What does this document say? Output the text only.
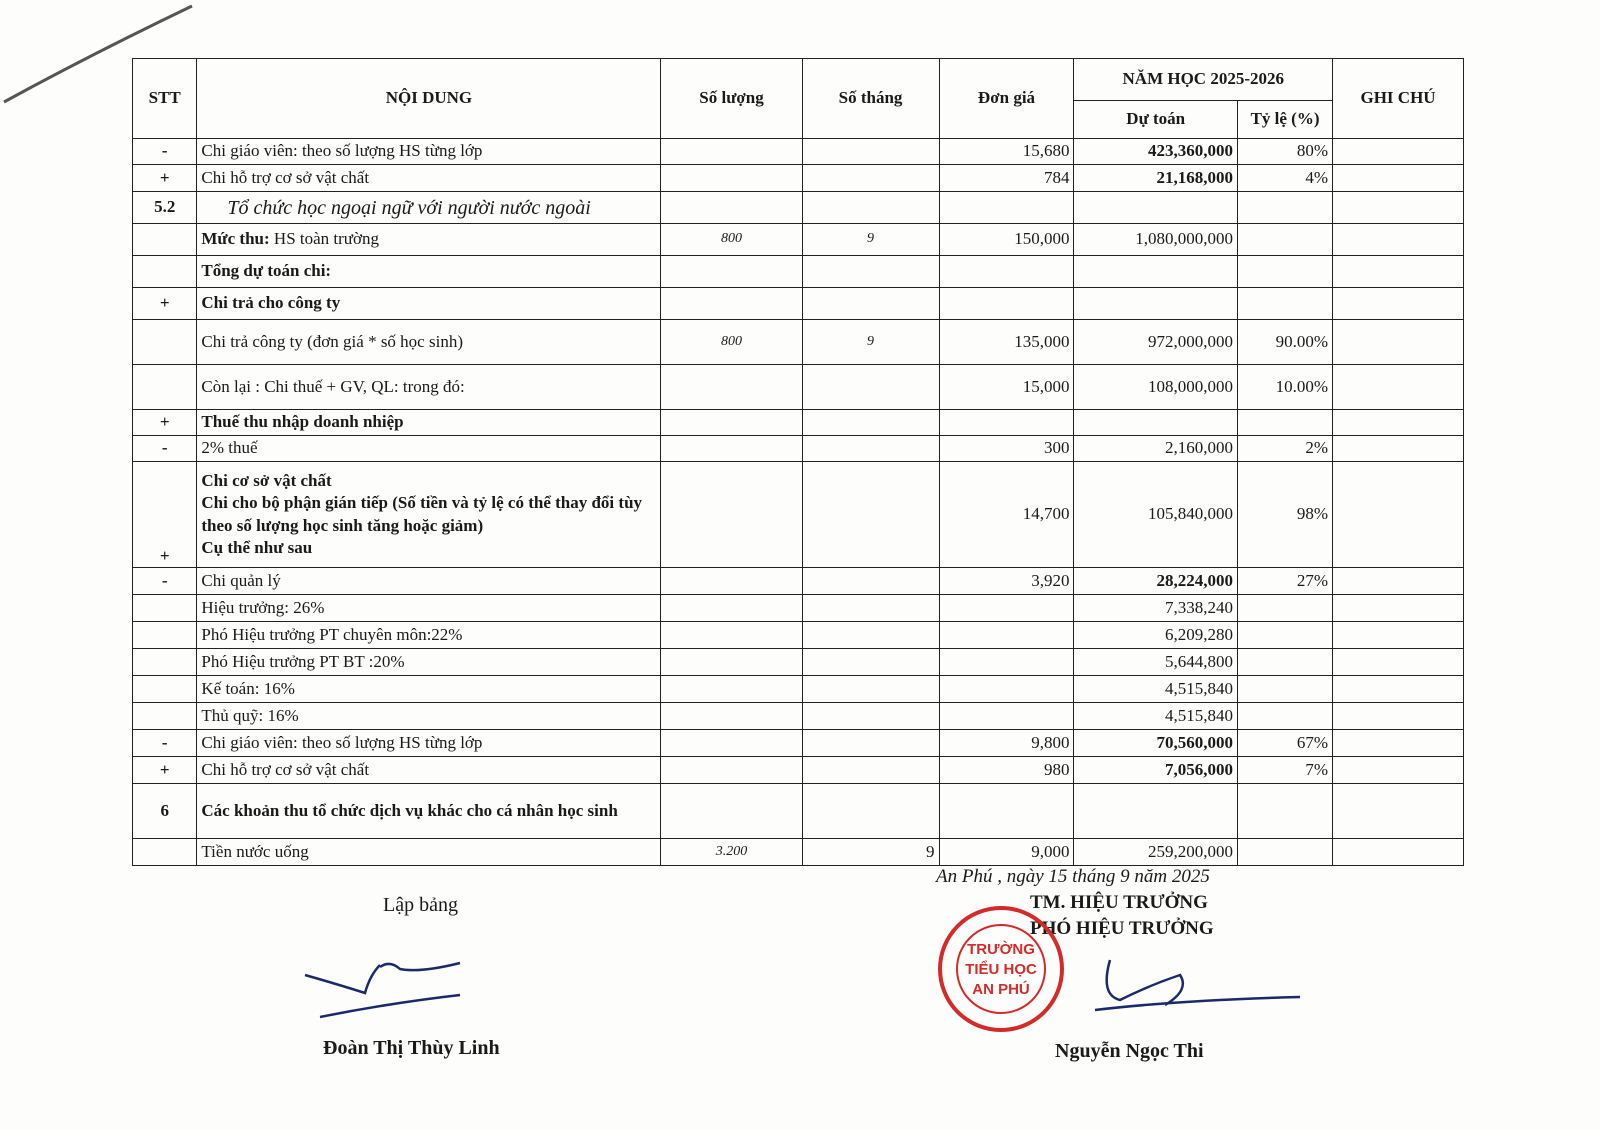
STT	NỘI DUNG	Số lượng	Số tháng	Đơn giá	NĂM HỌC 2025-2026		GHI CHÚ
					Dự toán	Tỷ lệ (%)	
-	Chi giáo viên: theo số lượng HS từng lớp			15,680	423,360,000	80%	
+	Chi hỗ trợ cơ sở vật chất			784	21,168,000	4%	
5.2	Tổ chức học ngoại ngữ với người nước ngoài						
	Mức thu: HS toàn trường	800	9	150,000	1,080,000,000		
	Tổng dự toán chi:						
+	Chi trả cho công ty						
	Chi trả công ty (đơn giá * số học sinh)	800	9	135,000	972,000,000	90.00%	
	Còn lại : Chi thuế + GV, QL: trong đó:			15,000	108,000,000	10.00%	
+	Thuế thu nhập doanh nhiệp						
-	2% thuế			300	2,160,000	2%	
+	Chi cơ sở vật chất
Chi cho bộ phận gián tiếp (Số tiền và tỷ lệ có thể thay đổi tùy theo số lượng học sinh tăng hoặc giảm)
Cụ thể như sau			14,700	105,840,000	98%	
-	Chi quản lý			3,920	28,224,000	27%	
	Hiệu trưởng: 26%				7,338,240		
	Phó Hiệu trưởng PT chuyên môn:22%				6,209,280		
	Phó Hiệu trưởng PT BT :20%				5,644,800		
	Kế toán: 16%				4,515,840		
	Thủ quỹ: 16%				4,515,840		
-	Chi giáo viên: theo số lượng HS từng lớp			9,800	70,560,000	67%	
+	Chi hỗ trợ cơ sở vật chất			980	7,056,000	7%	
6	Các khoản thu tổ chức dịch vụ khác cho cá nhân học sinh						
	Tiền nước uống	3.200	9	9,000	259,200,000		
An Phú , ngày 15 tháng 9 năm 2025
TM. HIỆU TRƯỞNG
PHÓ HIỆU TRƯỞNG
Lập bảng
Đoàn Thị Thùy Linh
TRƯỜNG
TIỂU HỌC
AN PHÚ
Nguyễn Ngọc Thi
